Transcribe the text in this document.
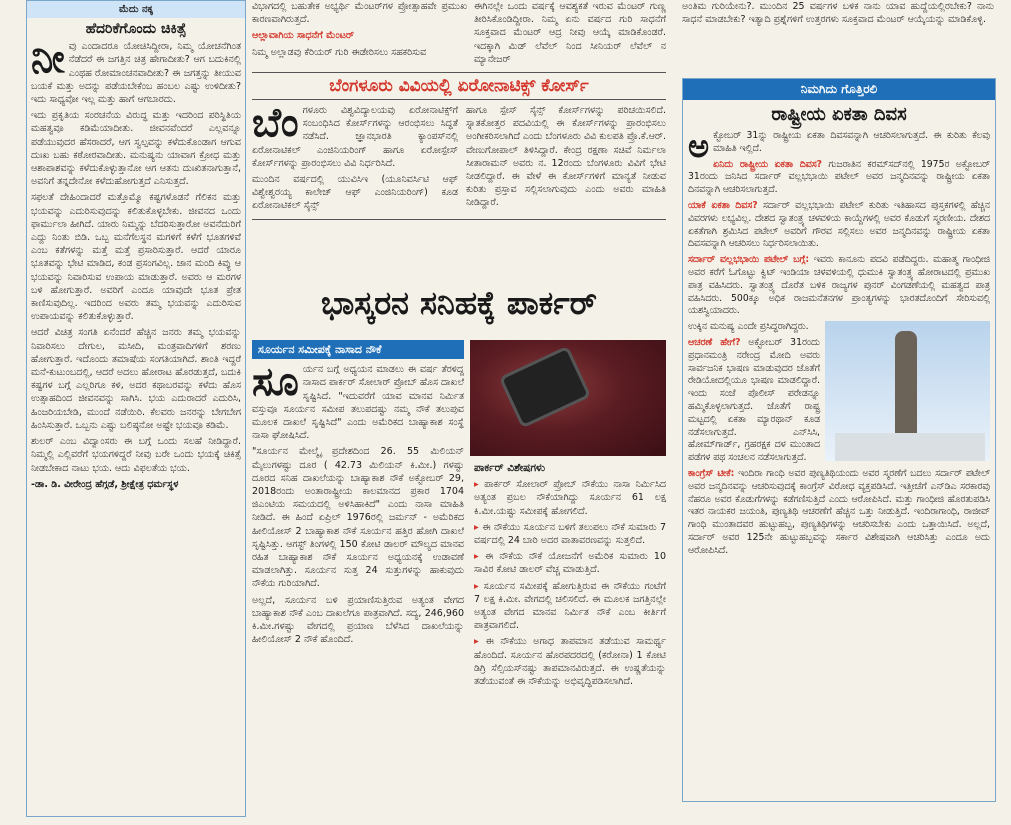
ಮೆದು ನಕ್ಕ
ಹೆದರಿಕೆಗೊಂದು ಚಿಕಿತ್ಸೆ
ನೀ ವು ಎಂದಾದರೂ ಯೋಚಿಸಿದ್ದೀರಾ, ನಿಮ್ಮ ಯೋಚನೆಗಿಂತ ನೆಡೆದರೆ ಈ ಜಗತ್ತಿನ ಚಿತ್ರ ಹೇಗಾದೀತು? ಆಗ ಬದುಕಿನಲ್ಲಿ ಎಂಥಹ ರೋಮಾಂಚನವಾದೀತು? ಈ ಜಗತ್ತನ್ನು ತೀಯುವ ಬಯಕೆ ಮತ್ತು ಅದನ್ನು ಪಡೆಯಬೇಕೆಂಬ ಹಂಬಲ ಎಷ್ಟು ಉಳಿದೀತು? ಇದು ಸಾಧ್ಯವೋ ಇಲ್ಲ ಮತ್ತು ಹಾಗೆ ಆಗಬಾರದು.

ಇದು ಪ್ರಕೃತಿಯ ಸಂರಚನೆಯ ವಿರುದ್ಧ ಮತ್ತು ಇದರಿಂದ ಪರಿಸ್ಥಿತಿಯ ಮಹತ್ವವೂ ಕಡಿಮೆಯಾದೀತು. ಜೀವನವೆಂದರೆ ಎಲ್ಲವನ್ನೂ ಪಡೆಯುವುದರ ಹೆಸರಾದರೆ, ಆಗ ಸ್ವಲ್ಪವನ್ನು ಕಳೆದುಕೊಂಡಾಗ ಆಗುವ ದುಃಖ ಬಹು ಕಠೋರವಾದೀತು. ಮನುಷ್ಯನು ಯಾವಾಗ ಕ್ರೋಧ ಮತ್ತು ಆಶಾಪಾಶವನ್ನು ಕಳೆದುಕೊಳ್ಳುತ್ತಾನೋ ಆಗ ಆತನು ದುಃಖಿತನಾಗುತ್ತಾನೆ, ಅವನಿಗೆ ತನ್ನದೇನೋ ಕಳೆದುಹೋಗುತ್ತದೆ ಎನಿಸುತ್ತದೆ.

ಸಫಲತೆ ದೇಹಿಂದಾದರೆ ಮತ್ತೊಮ್ಮೊ ಕಷ್ಟಗಳೊಡನೆ ಗೆಲಿಕನ ಮತ್ತು ಭಯವನ್ನು ಎದುರಿಸುವುದನ್ನು ಕಲಿತುಕೊಳ್ಳಬೇಕು. ಜೀವನದ ಒಂದು ಫಾರ್ಮುಲಾ ಹೀಗಿದೆ. ಯಾರು ನಿಮ್ಮನ್ನು ಬೆದರಿಸುತ್ತಾರೋ ಅವನೆದುರಿಗೆ ಎದ್ದು ನಿಂತು ಬಿಡಿ. ಒಬ್ಬ ಮನೆಗೆಲಸ್ಥನ ಮಗಳಿಗೆ ಕಳೆಗೆ ಭೂತಗಳಿವೆ ಎಂಬ ಕತೆಗಳನ್ನು ಮತ್ತೆ ಮತ್ತೆ ಪ್ರಸಾರಿಸುತ್ತಾರೆ. ಆದರೆ ಯಾರೂ ಭೂತವನ್ನು ಭೇಟಿ ಮಾಡಿದ, ಕಂಡ ಪ್ರಸಂಗವಿಲ್ಲ. ಜಾನ ಮಂದಿ ಕಿವ್ಯು ಆ ಭಯವನ್ನು ನಿವಾರಿಸುವ ಉಪಾಯ ಮಾಡುತ್ತಾರೆ. ಅವರು ಆ ಮರಗಳ ಬಳಿ ಹೋಗುತ್ತಾರೆ. ಅವರಿಗೆ ಎಂದೂ ಯಾವುದೇ ಭೂತ ಪ್ರೇತ ಕಾಣಿಸುವುದಿಲ್ಲ. ಇದರಿಂದ ಅವರು ತಮ್ಮ ಭಯವನ್ನು ಎದುರಿಸುವ ಉಪಾಯವನ್ನು ಕಲಿತುಕೊಳ್ಳುತ್ತಾರೆ.

ಆದರೆ ವಿಚಿತ್ರ ಸಂಗತಿ ಏನೆಂದರೆ ಹೆಚ್ಚಿನ ಜನರು ತಮ್ಮ ಭಯವನ್ನು ನಿವಾರಿಸಲು ದೇಗುಲ, ಮಸೀದಿ, ಮಂತ್ರವಾದಿಗಳಿಗೆ ಶರಣು ಹೋಗುತ್ತಾರೆ. ಇದೊಂದು ತಮಾಷೆಯ ಸಂಗತಿಯಾಗಿದೆ. ಶಾಂತಿ ಇದ್ದರೆ ಮನೆ-ಕುಟುಂಬದಲ್ಲಿ, ಆದರೆ ಅದಲು ಹೋರಾಟ ಹೊರಡುತ್ತದೆ, ಬದುಕಿ ಕಷ್ಟಗಳ ಬಗ್ಗೆ ಎಲ್ಲರಿಗೂ ಕಳಿ, ಅದರ ಕಥಾಬರವನ್ನು ಕಳೆದು ಹೊಸ ಉತ್ಸಾಹದಿಂದ ಜೀವನವನ್ನು ಸಾಗಿಸಿ. ಭಯ ಎದುರಾದರೆ ಎದುರಿಸಿ, ಹಿಂಜರಿಯಬೇಡಿ, ಮುಂದೆ ನಡೆಯಿರಿ. ಕೆಲವರು ಜನರನ್ನು ಬೇಗಬೇಗ ಹಿಂಸಿಸುತ್ತಾರೆ. ಒಬ್ಬನು ಎಷ್ಟು ಬಲಿಷ್ಠನೋ ಅಷ್ಟೇ ಭಯವೂ ಕಡಿಮೆ.

ಶುಲರ್ ಎಂಬ ವಿದ್ವಾಂಸರು ಈ ಬಗ್ಗೆ ಒಂದು ಸಲಹೆ ನೀಡಿದ್ದಾರೆ. ನಿಮ್ಮಲ್ಲಿ ಎಲ್ಲಿವರೆಗೆ ಭಯಗಳಿದ್ದರೆ ನೀವು ಬರೇ ಒಂದು ಭಯಕ್ಕೆ ಚಿಕಿತ್ಸೆ ನೀಡಬೇಕಾದ ನಾಟು ಭಯ. ಆದು ವಿಫಲತೆಯ ಭಯ.

-ಡಾ. ಡಿ. ವೀರೇಂದ್ರ ಹೆಗ್ಗಡೆ, ಶ್ರೀಕ್ಷೇತ್ರ ಧರ್ಮಸ್ಥಳ

ವಿಭಾಗದಲ್ಲಿ ಬಹುತೇಕ ಅಭ್ಯರ್ಥಿ ಮೆಂಟರ್‌ಗಳ ಪ್ರೋತ್ಸಾಹವೇ ಪ್ರಮುಖ ಕಾರಣವಾಗಿರುತ್ತದೆ.

ಆಲ್ಲಾವಾಗಿಯ ಸಾಧನೆಗೆ ಮೆಂಟರ್

ನಿಮ್ಮ ಅಲ್ಲಾಡವು ಕೆರಿಯರ್ ಗುರಿ ಈಡೇರಿಸಲು ಸಹಕರಿಸುವ

ಈಗಿನಲ್ಲೇ ಒಂದು ವರ್ಷಕ್ಕೆ ಆವಶ್ಯಕತೆ ಇರುವ ಮೆಂಟರ್ ಗುಣ್ಣ ತೀರಿಸಿಕೊಂಡಿದ್ದೀರಾ. ನಿಮ್ಮ ಏನು ವರ್ಷದ ಗುರಿ ಸಾಧನೆಗೆ ಸೂಕ್ತವಾದ ಮೆಂಟರ್ ಆದ್ರ ನೀವು ಆಯ್ಕೆ ಮಾಡಿಕೊಂಡರೆ. ಇದಕ್ಕಾಗಿ ಮಿಡ್ ಲೆವೆಲ್ ನಿಂದ ಸೀನಿಯರ್ ಲೆವೆಲ್ ನ ಮ್ಯಾನೇಜರ್

ಅಂತಿಮ ಗುರಿಯೇನು?. ಮುಂದಿನ 25 ವರ್ಷಗಳ ಬಳಿಕ ನಾನು ಯಾವ ಹುದ್ದೆಯಲ್ಲಿರಬೇಕು? ನಾನು ಸಾಧನೆ ಮಾಡಬೇಕು? ಇತ್ಯಾದಿ ಪ್ರಶ್ನೆಗಳಿಗೆ ಉತ್ತರಗಳು ಸೂಕ್ತವಾದ ಮೆಂಟರ್ ಆಯ್ಕೆಯನ್ನು ಮಾಡಿಕೊಳ್ಳಿ.

ಬೆಂಗಳೂರು ವಿವಿಯಲ್ಲಿ ಏರೋನಾಟಿಕ್ಸ್ ಕೋರ್ಸ್
ಬೆಂ ಗಳೂರು ವಿಶ್ವವಿದ್ಯಾಲಯವು ಏರೋನಾಟಿಕ್ಸ್‌ಗೆ ಸಂಬಂಧಿಸಿದ ಕೋರ್ಸ್‌ಗಳನ್ನು ಆರಂಭಿಸಲು ಸಿದ್ಧತೆ ನಡೆಸಿದೆ. ಜ್ಞಾನಭಾರತಿ ಕ್ಯಾಂಪಸ್‌ನಲ್ಲಿ ಏರೋನಾಟಿಕಲ್ ಎಂಜಿನಿಯರಿಂಗ್ ಹಾಗೂ ಏರೋಸ್ಪೇಸ್ ಕೋರ್ಸ್‌ಗಳನ್ನು ಪ್ರಾರಂಭಿಸಲು ವಿವಿ ನಿರ್ಧರಿಸಿದೆ.

ಮುಂದಿನ ವರ್ಷದಲ್ಲಿ ಯುವಿಸಿಇ (ಯೂನಿವರ್ಸಿಟಿ ಆಫ್ ವಿಶ್ವೇಶ್ವರಯ್ಯ ಕಾಲೇಜ್ ಆಫ್ ಎಂಜಿನಿಯರಿಂಗ್) ಕೂಡ ಏರೋನಾಟಿಕಲ್ ಸೈನ್ಸ್

ಹಾಗೂ ಸ್ಪೇಸ್ ಸೈನ್ಸ್ ಕೋರ್ಸ್‌ಗಳನ್ನು ಪರಿಚಯಿಸಲಿದೆ. ಸ್ನಾತಕೋತ್ತರ ಪದವಿಯಲ್ಲಿ ಈ ಕೋರ್ಸ್‌ಗಳನ್ನು ಪ್ರಾರಂಭಿಸಲು ಅಂಗೀಕರಿಸಲಾಗಿದೆ ಎಂದು ಬೆಂಗಳೂರು ವಿವಿ ಕುಲಪತಿ ಪ್ರೊ.ಕೆ.ಆರ್. ವೇಣುಗೋಪಾಲ್ ತಿಳಿಸಿದ್ದಾರೆ. ಕೇಂದ್ರ ರಕ್ಷಣಾ ಸಚಿವೆ ನಿರ್ಮಲಾ ಸೀತಾರಾಮನ್ ಅವರು ನ. 12ರಂದು ಬೆಂಗಳೂರು ವಿವಿಗೆ ಭೇಟಿ ನೀಡಲಿದ್ದಾರೆ. ಈ ವೇಳೆ ಈ ಕೋರ್ಸ್‌ಗಳಿಗೆ ಮಾನ್ಯತೆ ನೀಡುವ ಕುರಿತು ಪ್ರಸ್ತಾವ ಸಲ್ಲಿಸಲಾಗುವುದು ಎಂದು ಅವರು ಮಾಹಿತಿ ನೀಡಿದ್ದಾರೆ.

ಭಾಸ್ಕರನ ಸನಿಹಕ್ಕೆ ಪಾರ್ಕರ್
ಸೂರ್ಯನ ಸಮೀಪಕ್ಕೆ ನಾಸಾದ ನೌಕೆ
ಸೂ ರ್ಯನ ಬಗ್ಗೆ ಅಧ್ಯಯನ ಮಾಡಲು ಈ ವರ್ಷ ತೆರಳಿದ್ದ ನಾಸಾದ ಪಾರ್ಕರ್ ಸೋಲಾರ್ ಪ್ರೋಬ್ ಹೊಸ ದಾಖಲೆ ಸೃಷ್ಟಿಸಿದೆ. "ಇದುವರೆಗೆ ಯಾವ ಮಾನವ ನಿರ್ಮಿತ ವಸ್ತುವೂ ಸೂರ್ಯನ ಸಮೀಪ ತಲುಪದಷ್ಟು ನಮ್ಮ ನೌಕೆ ತಲುಪುವ ಮೂಲಕ ದಾಖಲೆ ಸೃಷ್ಟಿಸಿದೆ" ಎಂದು ಅಮೆರಿಕದ ಬಾಹ್ಯಾಕಾಶ ಸಂಸ್ಥೆ ನಾಸಾ ಘೋಷಿಸಿದೆ.

"ಸೂರ್ಯನ ಮೇಲ್ಮೈ ಪ್ರದೇಶದಿಂದ 26. 55 ಮಿಲಿಯನ್ ಮೈಲುಗಳಷ್ಟು ದೂರ ( 42.73 ಮಿಲಿಯನ್ ಕಿ.ಮೀ.) ಗಳಷ್ಟು ದೂರದ ಸನಿಹ ದಾಖಲೆಯನ್ನು ಬಾಹ್ಯಾಕಾಶ ನೌಕೆ ಅಕ್ಟೋಬರ್ 29, 2018ರಂದು ಅಂತಾರಾಷ್ಟ್ರೀಯ ಕಾಲಮಾನದ ಪ್ರಕಾರ 1704 ಜಿಎಂಟಿಯ ಸಮಯದಲ್ಲಿ ಅಳಿಸಿಹಾಕಿದೆ" ಎಂದು ನಾಸಾ ಮಾಹಿತಿ ನೀಡಿದೆ. ಈ ಹಿಂದೆ ಏಪ್ರಿಲ್ 1976ರಲ್ಲಿ ಜರ್ಮನ್ - ಅಮೆರಿಕದ ಹೀಲಿಯೋಸ್ 2 ಬಾಹ್ಯಾಕಾಶ ನೌಕೆ ಸೂರ್ಯನ ಹತ್ತಿರ ಹೋಗಿ ದಾಖಲೆ ಸೃಷ್ಟಿಸಿತ್ತು. ಆಗಸ್ಟ್ ತಿಂಗಳಲ್ಲಿ 150 ಕೋಟಿ ಡಾಲರ್ ಮೌಲ್ಯದ ಮಾನವ ರಹಿತ ಬಾಹ್ಯಾಕಾಶ ನೌಕೆ ಸೂರ್ಯನ ಅಧ್ಯಯನಕ್ಕೆ ಉಡಾವಣೆ ಮಾಡಲಾಗಿತ್ತು. ಸೂರ್ಯನ ಸುತ್ತ 24 ಸುತ್ತುಗಳನ್ನು ಹಾಕುವುದು ನೌಕೆಯ ಗುರಿಯಾಗಿದೆ.

ಅಲ್ಲದೆ, ಸೂರ್ಯನ ಬಳಿ ಪ್ರಯಾಣಿಸುತ್ತಿರುವ ಅತ್ಯಂತ ವೇಗದ ಬಾಹ್ಯಾಕಾಶ ನೌಕೆ ಎಂಬ ದಾಖಲೆಗೂ ಪಾತ್ರವಾಗಿದೆ. ಸದ್ಯ, 246,960 ಕಿ.ಮೀ.ಗಳಷ್ಟು ವೇಗದಲ್ಲಿ ಪ್ರಯಾಣ ಬೆಳೆಸಿದ ದಾಖಲೆಯನ್ನು ಹೀಲಿಯೋಸ್ 2 ನೌಕೆ ಹೊಂದಿದೆ.

ಪಾರ್ಕರ್ ವಿಶೇಷಗಳು

▸ ಪಾರ್ಕರ್ ಸೋಲಾರ್ ಪ್ರೋಬ್ ನೌಕೆಯು ನಾಸಾ ನಿರ್ಮಿಸಿದ ಅತ್ಯಂತ ಪ್ರಬಲ ನೌಕೆಯಾಗಿದ್ದು ಸೂರ್ಯನ 61 ಲಕ್ಷ ಕಿ.ಮೀ.ಯಷ್ಟು ಸಮೀಪಕ್ಕೆ ಹೋಗಲಿದೆ.

▸ ಈ ನೌಕೆಯು ಸೂರ್ಯನ ಬಳಿಗೆ ತಲುಪಲು ನೌಕೆ ಸುಮಾರು 7 ವರ್ಷದಲ್ಲಿ 24 ಬಾರಿ ಅದರ ವಾತಾವರಣವನ್ನು ಸುತ್ತಲಿದೆ.

▸ ಈ ನೌಕೆಯ ನೌಕೆ ಯೋಜನೆಗೆ ಅಮೆರಿಕ ಸುಮಾರು 10 ಸಾವಿರ ಕೋಟಿ ಡಾಲರ್ ವೆಚ್ಚ ಮಾಡುತ್ತಿದೆ.

▸ ಸೂರ್ಯನ ಸಮೀಪಕ್ಕೆ ಹೋಗುತ್ತಿರುವ ಈ ನೌಕೆಯು ಗಂಟೆಗೆ 7 ಲಕ್ಷ ಕಿ.ಮೀ. ವೇಗದಲ್ಲಿ ಚಲಿಸಲಿದೆ. ಈ ಮೂಲಕ ಜಗತ್ತಿನಲ್ಲೇ ಅತ್ಯಂತ ವೇಗದ ಮಾನವ ನಿರ್ಮಿತ ನೌಕೆ ಎಂಬ ಕೀರ್ತಿಗೆ ಪಾತ್ರವಾಗಲಿದೆ.

▸ ಈ ನೌಕೆಯು ಅಗಾಧ ತಾಪಮಾನ ತಡೆಯುವ ಸಾಮರ್ಥ್ಯ ಹೊಂದಿದೆ. ಸೂರ್ಯನ ಹೊರಪದರದಲ್ಲಿ (ಕರೋನಾ) 1 ಕೋಟಿ ಡಿಗ್ರಿ ಸೆಲ್ಸಿಯಸ್‌ನಷ್ಟು ತಾಪಮಾನವಿರುತ್ತದೆ. ಈ ಉಷ್ಣತೆಯನ್ನು ತಡೆಯುವಂತೆ ಈ ನೌಕೆಯನ್ನು ಅಭಿವೃದ್ಧಿಪಡಿಸಲಾಗಿದೆ.

ನಿಮಗಿದು ಗೊತ್ತಿರಲಿ
ರಾಷ್ಟ್ರೀಯ ಏಕತಾ ದಿವಸ
ಅ ಕ್ಟೋಬರ್ 31ನ್ನು ರಾಷ್ಟ್ರೀಯ ಏಕತಾ ದಿವಸವನ್ನಾಗಿ ಆಚರಿಸಲಾಗುತ್ತದೆ. ಈ ಕುರಿತು ಕೆಲವು ಮಾಹಿತಿ ಇಲ್ಲಿದೆ.

ಏನಿದು ರಾಷ್ಟ್ರೀಯ ಏಕತಾ ದಿವಸ? ಗುಜರಾತಿನ ಕರಮ್‌ಸದ್‌ನಲ್ಲಿ 1975ರ ಅಕ್ಟೋಬರ್ 31ರಂದು ಜನಿಸಿದ ಸರ್ದಾರ್ ವಲ್ಲಭಭಾಯಿ ಪಟೇಲ್ ಅವರ ಜನ್ಮದಿನವನ್ನು ರಾಷ್ಟ್ರೀಯ ಏಕತಾ ದಿನವನ್ನಾಗಿ ಆಚರಿಸಲಾಗುತ್ತದೆ.

ಯಾಕೆ ಏಕತಾ ದಿವಸ? ಸರ್ದಾರ್ ವಲ್ಲಭಭಾಯಿ ಪಟೇಲ್ ಕುರಿತು ಇತಿಹಾಸದ ಪುಸ್ತಕಗಳಲ್ಲಿ ಹೆಚ್ಚಿನ ವಿವರಗಳು ಲಭ್ಯವಿಲ್ಲ. ದೇಶದ ಸ್ವಾತಂತ್ರ್ಯ ಚಳವಳಿಯ ಕಾಯ್ದೆಗಳಲ್ಲಿ ಅವರ ಕೊಡುಗೆ ಸ್ಮರಣೀಯ. ದೇಶದ ಏಕತೆಗಾಗಿ ಶ್ರಮಿಸಿದ ಪಟೇಲ್ ಅವರಿಗೆ ಗೌರವ ಸಲ್ಲಿಸಲು ಅವರ ಜನ್ಮದಿನವನ್ನು ರಾಷ್ಟ್ರೀಯ ಏಕತಾ ದಿವಸವನ್ನಾಗಿ ಆಚರಿಸಲು ನಿರ್ಧರಿಸಲಾಯಿತು.

ಸರ್ದಾರ್ ವಲ್ಲಭಭಾಯಿ ಪಟೇಲ್ ಬಗ್ಗೆ: ಇವರು ಕಾನೂನು ಪದವಿ ಪಡೆದಿದ್ದರು. ಮಹಾತ್ಮ ಗಾಂಧೀಜಿ ಅವರ ಕರೆಗೆ ಓಗೊಟ್ಟು ಕ್ವಿಟ್ ಇಂಡಿಯಾ ಚಳವಳಿಯಲ್ಲಿ ಧುಮುಕಿ ಸ್ವಾತಂತ್ರ್ಯ ಹೋರಾಟದಲ್ಲಿ ಪ್ರಮುಖ ಪಾತ್ರ ವಹಿಸಿದರು. ಸ್ವಾತಂತ್ರ್ಯ ದೊರೆತ ಬಳಿಕ ರಾಜ್ಯಗಳ ಪುನರ್ ವಿಂಗಡಣೆಯಲ್ಲಿ ಮಹತ್ವದ ಪಾತ್ರ ವಹಿಸಿದರು. 500ಕ್ಕೂ ಅಧಿಕ ರಾಜಮನೆತನಗಳ ಪ್ರಾಂತ್ಯಗಳನ್ನು ಭಾರತದೊಂದಿಗೆ ಸೇರಿಸುವಲ್ಲಿ ಯಶಸ್ವಿಯಾದರು.

ಉಕ್ಕಿನ ಮನುಷ್ಯ ಎಂದೇ ಪ್ರಸಿದ್ಧರಾಗಿದ್ದರು.

ಆಚರಣೆ ಹೇಗೆ? ಅಕ್ಟೋಬರ್ 31ರಂದು ಪ್ರಧಾನಮಂತ್ರಿ ನರೇಂದ್ರ ಮೋದಿ ಅವರು ಸಾರ್ವಜನಿಕ ಭಾಷಣ ಮಾಡುವುದರ ಜೊತೆಗೆ ರೇಡಿಯೋದಲ್ಲಿಯೂ ಭಾಷಣ ಮಾಡಲಿದ್ದಾರೆ. ಇಂದು ಸಂಜೆ ಪೊಲೀಸ್ ಪರೇಡನ್ನೂ ಹಮ್ಮಿಕೊಳ್ಳಲಾಗುತ್ತದೆ. ಜೊತೆಗೆ ರಾಷ್ಟ್ರ ಮಟ್ಟದಲ್ಲಿ ಏಕತಾ ಮ್ಯಾರಥಾನ್ ಕೂಡ ನಡೆಸಲಾಗುತ್ತದೆ. ಎನ್‌ಸಿಸಿ, ಹೋಮ್‌ಗಾರ್ಡ್, ಗ್ರಹರಕ್ಷಕ ದಳ ಮುಂತಾದ ಪಡೆಗಳ ಪಥ ಸಂಚಲನ ನಡೆಸಲಾಗುತ್ತದೆ.

ಕಾಂಗ್ರೆಸ್ ಟೀಕೆ: ಇಂದಿರಾ ಗಾಂಧಿ ಅವರ ಪುಣ್ಯತಿಥಿಯಂದು ಅವರ ಸ್ಮರಣೆಗೆ ಬದಲು ಸರ್ದಾರ್ ಪಟೇಲ್ ಅವರ ಜನ್ಮದಿನವನ್ನು ಆಚರಿಸುವುದಕ್ಕೆ ಕಾಂಗ್ರೆಸ್ ವಿರೋಧ ವ್ಯಕ್ತಪಡಿಸಿದೆ. ಇತ್ತೀಚೆಗೆ ಎನ್‌ಡಿಎ ಸರಕಾರವು ನೆಹರೂ ಅವರ ಕೊಡುಗೆಗಳನ್ನು ಕಡೆಗಣಿಸುತ್ತಿದೆ ಎಂದು ಆರೋಪಿಸಿದೆ. ಮತ್ತು ಗಾಂಧೀಜಿ ಹೊರತುಪಡಿಸಿ ಇತರ ನಾಯಕರ ಜಯಂತಿ, ಪುಣ್ಯತಿಥಿ ಆಚರಣೆಗೆ ಹೆಚ್ಚಿನ ಒತ್ತು ನೀಡುತ್ತಿದೆ. ಇಂದಿರಾಗಾಂಧಿ, ರಾಜೀವ್ ಗಾಂಧಿ ಮುಂತಾದವರ ಹುಟ್ಟುಹಬ್ಬ, ಪುಣ್ಯತಿಥಿಗಳನ್ನು ಆಚರಿಸಬೇಕು ಎಂದು ಒತ್ತಾಯಿಸಿದೆ. ಅಲ್ಲದೆ, ಸರ್ದಾರ್ ಅವರ 125ನೇ ಹುಟ್ಟುಹಬ್ಬವನ್ನು ಸರ್ಕಾರ ವಿಶೇಷವಾಗಿ ಆಚರಿಸಿತ್ತು ಎಂದೂ ಅದು ಆರೋಪಿಸಿದೆ.
